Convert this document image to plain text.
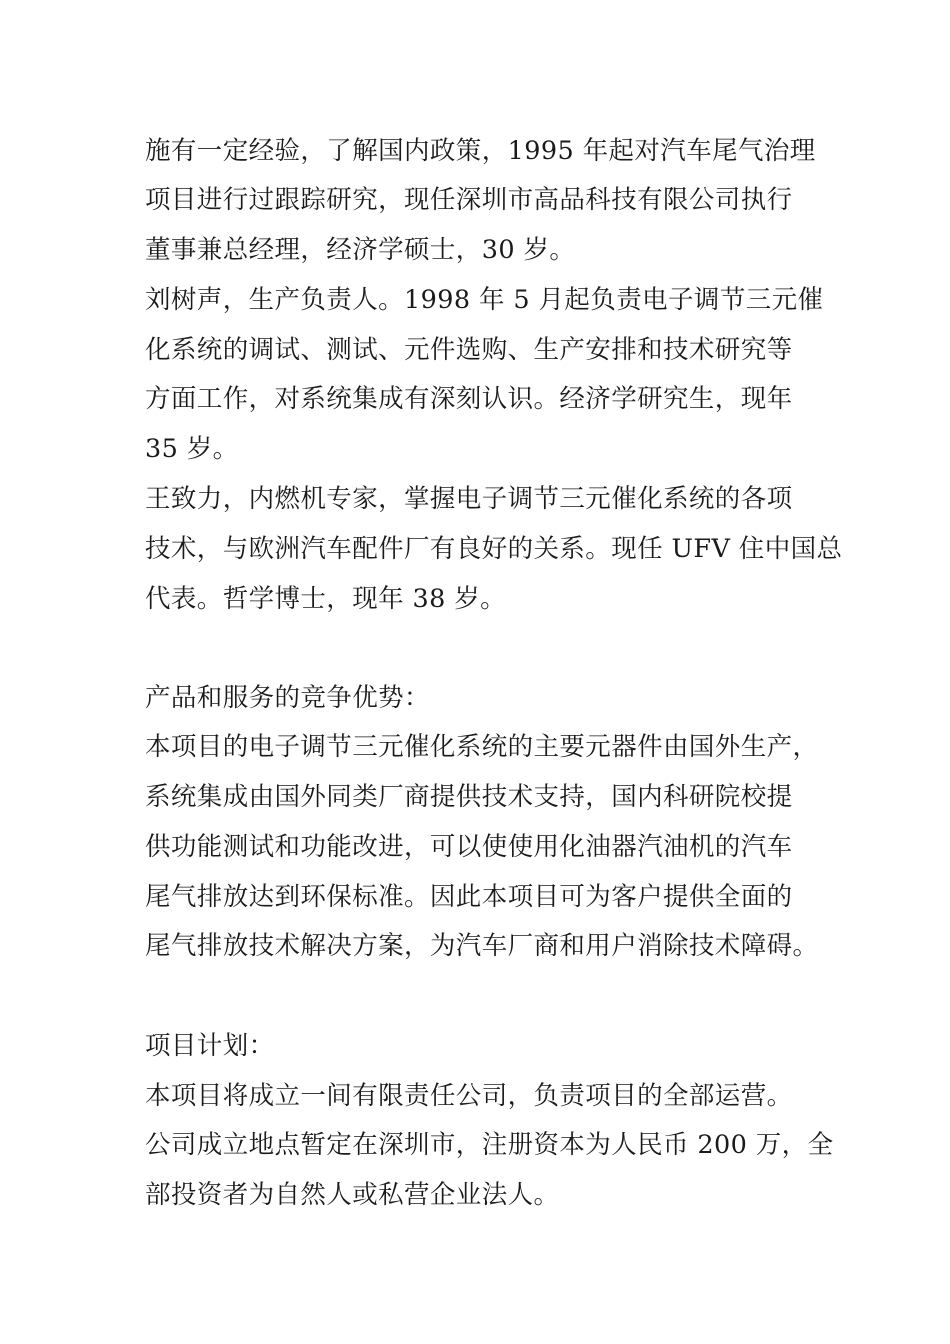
施有一定经验，了解国内政策，1995 年起对汽车尾气治理
项目进行过跟踪研究，现任深圳市高品科技有限公司执行
董事兼总经理，经济学硕士，30 岁。
刘树声，生产负责人。1998 年 5 月起负责电子调节三元催
化系统的调试、测试、元件选购、生产安排和技术研究等
方面工作，对系统集成有深刻认识。经济学研究生，现年
35 岁。
王致力，内燃机专家，掌握电子调节三元催化系统的各项
技术，与欧洲汽车配件厂有良好的关系。现任 UFV 住中国总
代表。哲学博士，现年 38 岁。
产品和服务的竞争优势：
本项目的电子调节三元催化系统的主要元器件由国外生产，
系统集成由国外同类厂商提供技术支持，国内科研院校提
供功能测试和功能改进，可以使使用化油器汽油机的汽车
尾气排放达到环保标准。因此本项目可为客户提供全面的
尾气排放技术解决方案，为汽车厂商和用户消除技术障碍。
项目计划：
本项目将成立一间有限责任公司，负责项目的全部运营。
公司成立地点暂定在深圳市，注册资本为人民币 200 万，全
部投资者为自然人或私营企业法人。
